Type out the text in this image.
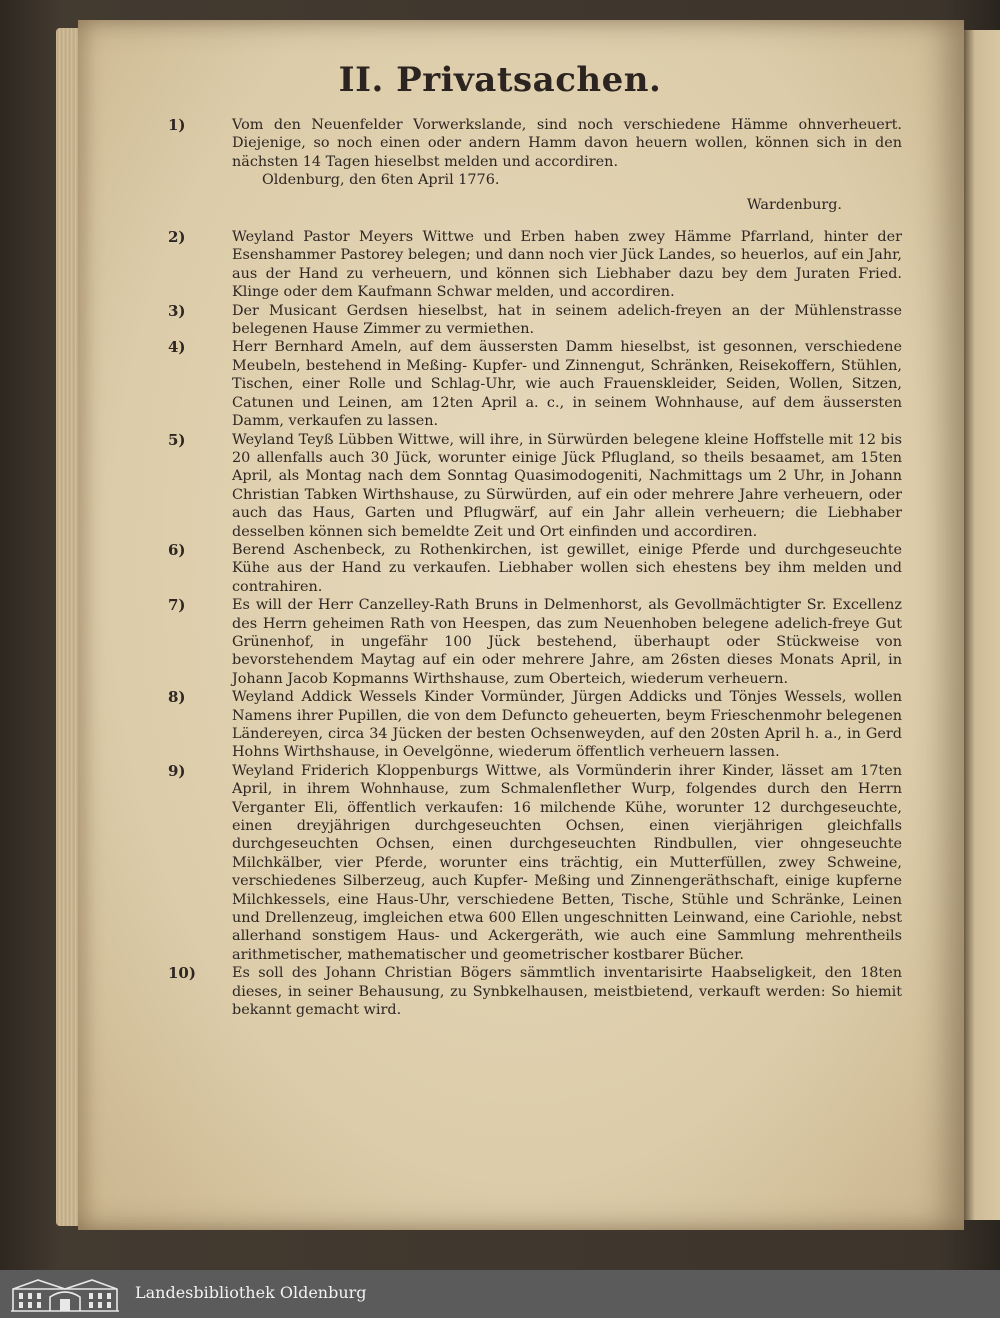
II. Privatsachen.
1)	Vom den Neuenfelder Vorwerkslande, sind noch verschiedene Hämme ohnverheuert. Diejenige, so noch einen oder andern Hamm davon heuern wollen, können sich in den nächsten 14 Tagen hieselbst melden und accordiren.
Oldenburg, den 6ten April 1776.
Wardenburg.
2)	Weyland Pastor Meyers Wittwe und Erben haben zwey Hämme Pfarrland, hinter der Esenshammer Pastorey belegen; und dann noch vier Jück Landes, so heuerlos, auf ein Jahr, aus der Hand zu verheuern, und können sich Liebhaber dazu bey dem Juraten Fried. Klinge oder dem Kaufmann Schwar melden, und accordiren.
3)	Der Musicant Gerdsen hieselbst, hat in seinem adelich-freyen an der Mühlenstrasse belegenen Hause Zimmer zu vermiethen.
4)	Herr Bernhard Ameln, auf dem äussersten Damm hieselbst, ist gesonnen, verschiedene Meubeln, bestehend in Meßing- Kupfer- und Zinnengut, Schränken, Reisekoffern, Stühlen, Tischen, einer Rolle und Schlag-Uhr, wie auch Frauenskleider, Seiden, Wollen, Sitzen, Catunen und Leinen, am 12ten April a. c., in seinem Wohnhause, auf dem äussersten Damm, verkaufen zu lassen.
5)	Weyland Teyß Lübben Wittwe, will ihre, in Sürwürden belegene kleine Hoffstelle mit 12 bis 20 allenfalls auch 30 Jück, worunter einige Jück Pflugland, so theils besaamet, am 15ten April, als Montag nach dem Sonntag Quasimodogeniti, Nachmittags um 2 Uhr, in Johann Christian Tabken Wirthshause, zu Sürwürden, auf ein oder mehrere Jahre verheuern, oder auch das Haus, Garten und Pflugwärf, auf ein Jahr allein verheuern; die Liebhaber desselben können sich bemeldte Zeit und Ort einfinden und accordiren.
6)	Berend Aschenbeck, zu Rothenkirchen, ist gewillet, einige Pferde und durchgeseuchte Kühe aus der Hand zu verkaufen. Liebhaber wollen sich ehestens bey ihm melden und contrahiren.
7)	Es will der Herr Canzelley-Rath Bruns in Delmenhorst, als Gevollmächtigter Sr. Excellenz des Herrn geheimen Rath von Heespen, das zum Neuenhoben belegene adelich-freye Gut Grünenhof, in ungefähr 100 Jück bestehend, überhaupt oder Stückweise von bevorstehendem Maytag auf ein oder mehrere Jahre, am 26sten dieses Monats April, in Johann Jacob Kopmanns Wirthshause, zum Oberteich, wiederum verheuern.
8)	Weyland Addick Wessels Kinder Vormünder, Jürgen Addicks und Tönjes Wessels, wollen Namens ihrer Pupillen, die von dem Defuncto geheuerten, beym Frieschenmohr belegenen Ländereyen, circa 34 Jücken der besten Ochsenweyden, auf den 20sten April h. a., in Gerd Hohns Wirthshause, in Oevelgönne, wiederum öffentlich verheuern lassen.
9)	Weyland Friderich Kloppenburgs Wittwe, als Vormünderin ihrer Kinder, lässet am 17ten April, in ihrem Wohnhause, zum Schmalenflether Wurp, folgendes durch den Herrn Verganter Eli, öffentlich verkaufen: 16 milchende Kühe, worunter 12 durchgeseuchte, einen dreyjährigen durchgeseuchten Ochsen, einen vierjährigen gleichfalls durchgeseuchten Ochsen, einen durchgeseuchten Rindbullen, vier ohngeseuchte Milchkälber, vier Pferde, worunter eins trächtig, ein Mutterfüllen, zwey Schweine, verschiedenes Silberzeug, auch Kupfer- Meßing und Zinnengeräthschaft, einige kupferne Milchkessels, eine Haus-Uhr, verschiedene Betten, Tische, Stühle und Schränke, Leinen und Drellenzeug, imgleichen etwa 600 Ellen ungeschnitten Leinwand, eine Cariohle, nebst allerhand sonstigem Haus- und Ackergeräth, wie auch eine Sammlung mehrentheils arithmetischer, mathematischer und geometrischer kostbarer Bücher.
10)	Es soll des Johann Christian Bögers sämmtlich inventarisirte Haabseligkeit, den 18ten dieses, in seiner Behausung, zu Synbkelhausen, meistbietend, verkauft werden: So hiemit bekannt gemacht wird.
Landesbibliothek Oldenburg
